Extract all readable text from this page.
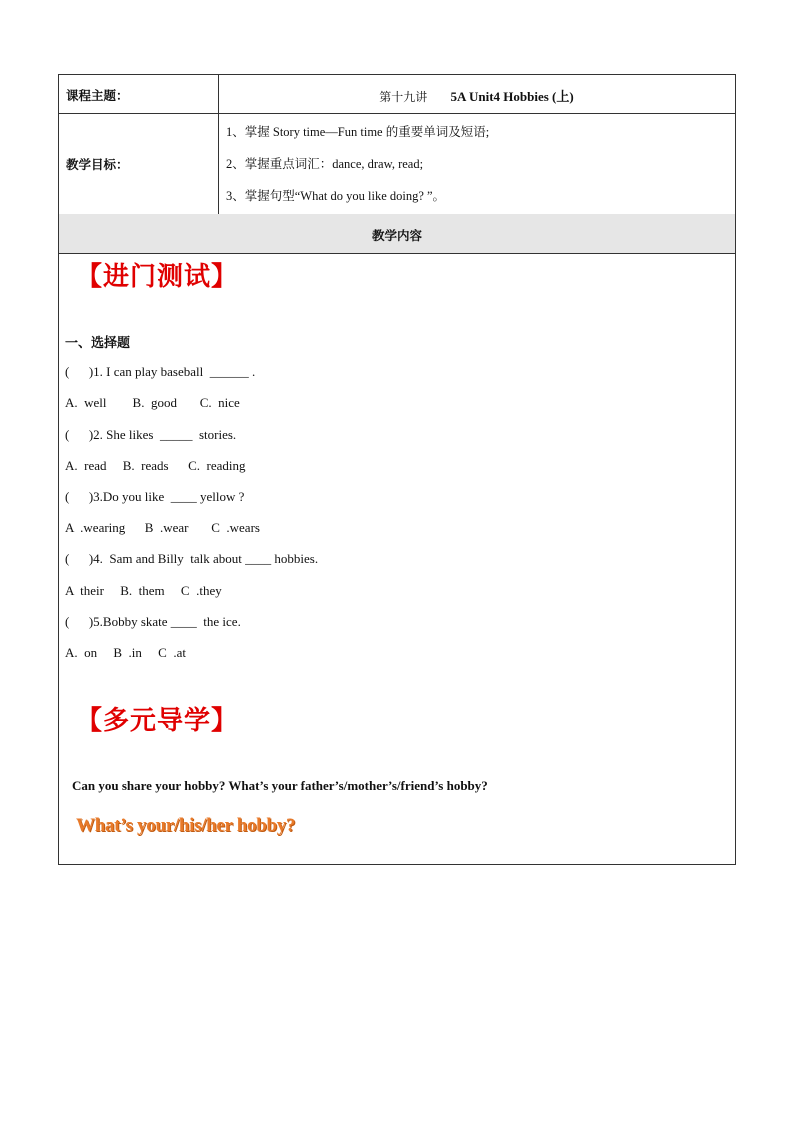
课程主题：	第十九讲 5A Unit4 Hobbies (上)
教学目标：
1、掌握 Story time—Fun time 的重要单词及短语;
2、掌握重点词汇：dance, draw, read;
3、掌握句型“What do you like doing? ”。
教学内容
【进门测试】
一、选择题
(      )1. I can play baseball  ______ .
A.  well        B.  good       C.  nice
(      )2. She likes  _____  stories.
A.  read     B.  reads      C.  reading
(      )3.Do you like  ____ yellow ?
A  .wearing      B  .wear       C  .wears
(      )4.  Sam and Billy  talk about ____ hobbies.
A  their     B.  them     C  .they
(      )5.Bobby skate ____  the ice.
A.  on     B  .in     C  .at
【多元导学】
Can you share your hobby? What’s your father’s/mother’s/friend’s hobby?
What’s your/his/her hobby?
